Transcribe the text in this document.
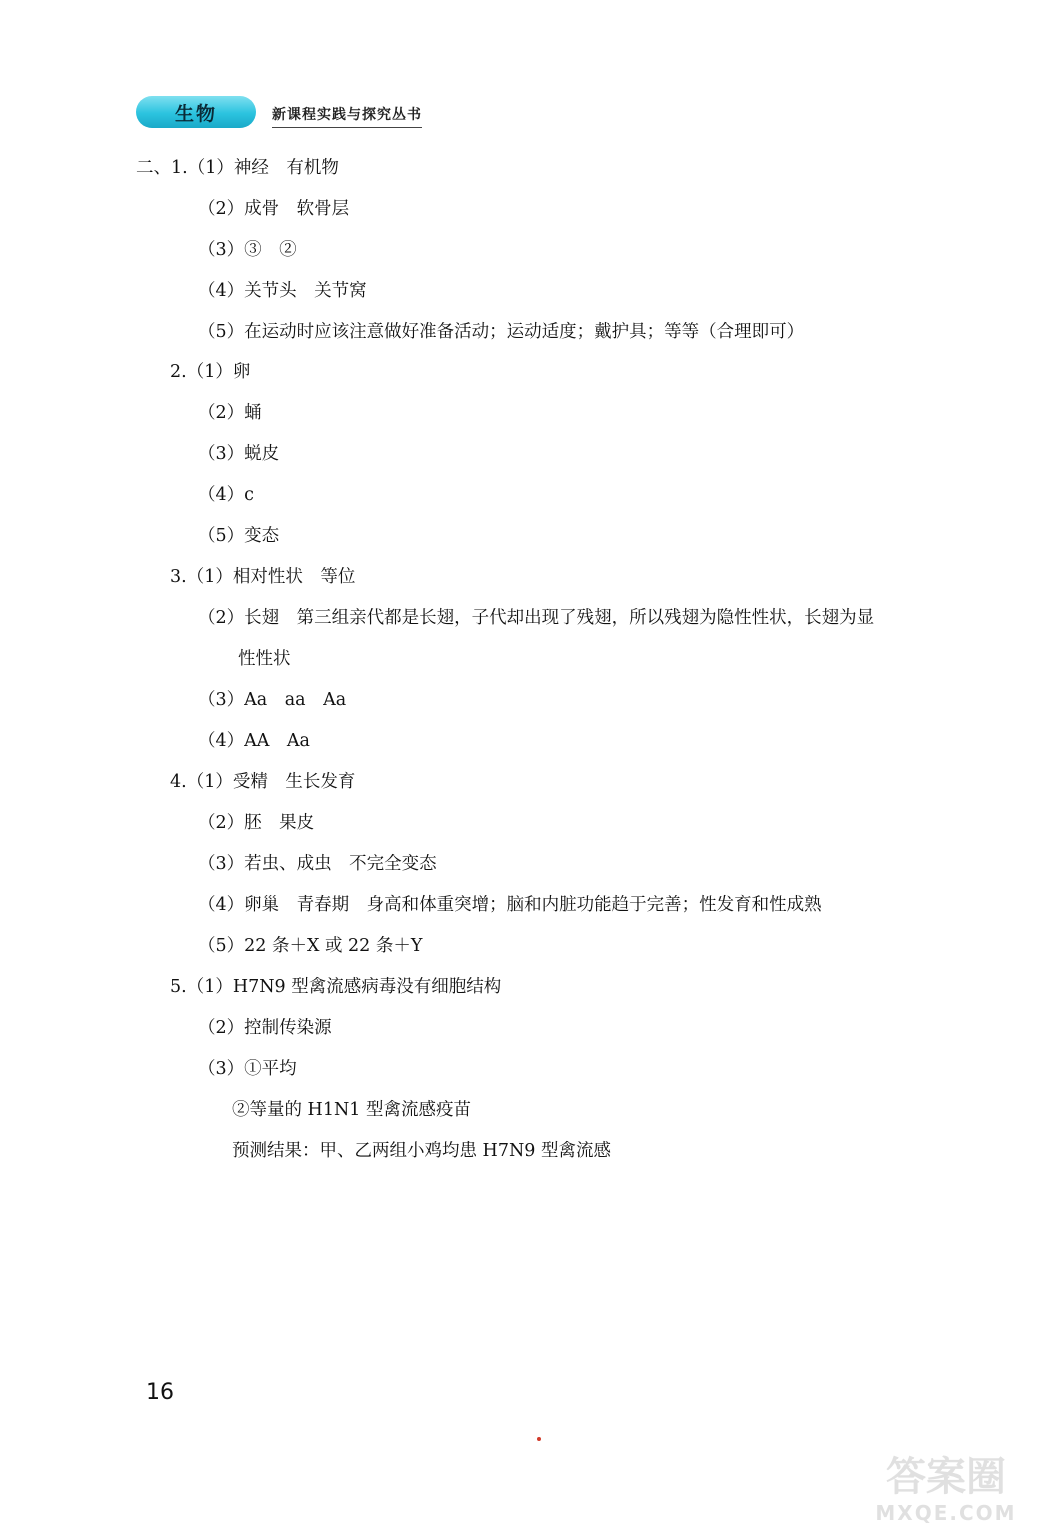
生物	新课程实践与探究丛书
二、1.（1）神经　有机物
（2）成骨　软骨层
（3）③　②
（4）关节头　关节窝
（5）在运动时应该注意做好准备活动；运动适度；戴护具；等等（合理即可）
2.（1）卵
（2）蛹
（3）蜕皮
（4）c
（5）变态
3.（1）相对性状　等位
（2）长翅　第三组亲代都是长翅，子代却出现了残翅，所以残翅为隐性性状，长翅为显
性性状
（3）Aa　aa　Aa
（4）AA　Aa
4.（1）受精　生长发育
（2）胚　果皮
（3）若虫、成虫　不完全变态
（4）卵巢　青春期　身高和体重突增；脑和内脏功能趋于完善；性发育和性成熟
（5）22 条＋X 或 22 条＋Y
5.（1）H7N9 型禽流感病毒没有细胞结构
（2）控制传染源
（3）①平均
②等量的 H1N1 型禽流感疫苗
预测结果：甲、乙两组小鸡均患 H7N9 型禽流感
16
答案圈
MXQE.COM
